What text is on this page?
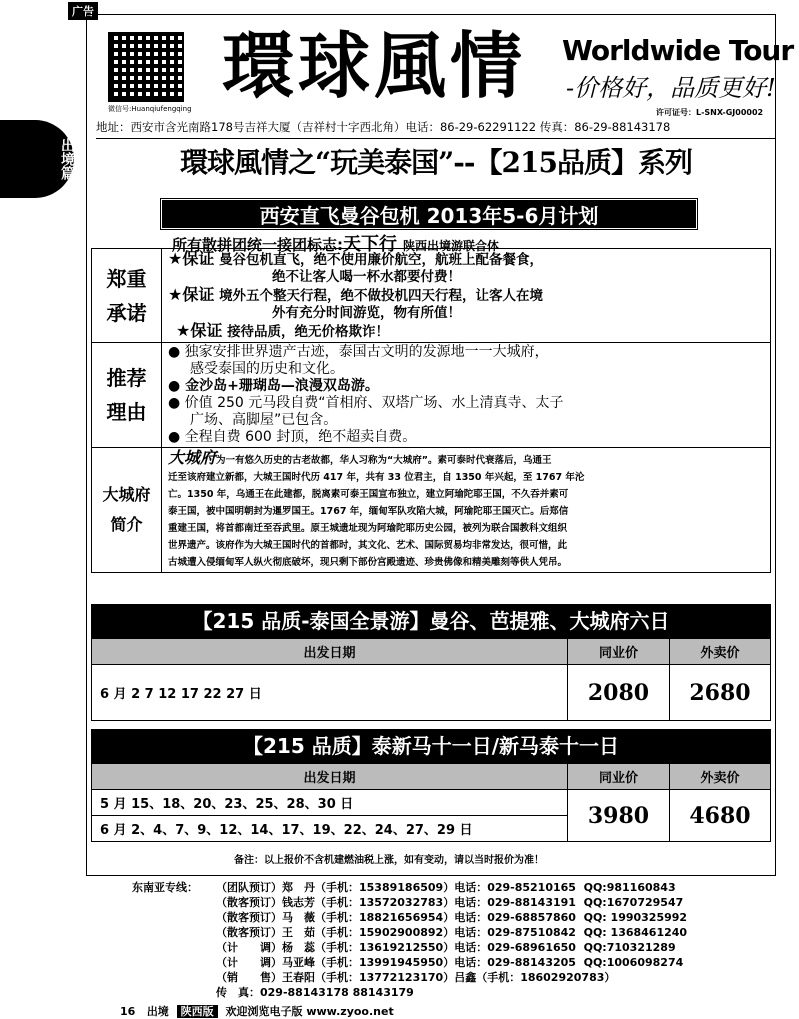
广告
出境篇
微信号:Huanqiufengqing
環球風情 Worldwide Tour
-价格好，品质更好!
许可证号：L-SNX-GJ00002
地址：西安市含光南路178号吉祥大厦（吉祥村十字西北角）电话：86-29-62291122 传真：86-29-88143178
環球風情之“玩美泰国”--【215品质】系列
西安直飞曼谷包机 2013年5-6月计划
所有散拼团统一接团标志:天下行 陕西出境游联合体
郑重
承诺
★保证 曼谷包机直飞，绝不使用廉价航空，航班上配备餐食，
绝不让客人喝一杯水都要付费！
★保证 境外五个整天行程，绝不做投机四天行程，让客人在境
外有充分时间游览，物有所值！
★保证 接待品质，绝无价格欺诈！
推荐
理由
● 独家安排世界遗产古迹，泰国古文明的发源地一一大城府，
感受泰国的历史和文化。
● 金沙岛+珊瑚岛—浪漫双岛游。
● 价值 250 元马段自费“首相府、双塔广场、水上清真寺、太子
广场、高脚屋”已包含。
● 全程自费 600 封顶，绝不超卖自费。
大城府
简介
大城府为一有悠久历史的古老故都，华人习称为“大城府”。素可泰时代衰落后，乌通王
迁至该府建立新都，大城王国时代历 417 年，共有 33 位君主，自 1350 年兴起，至 1767 年沦
亡。1350 年，乌通王在此建都，脱离素可泰王国宣布独立，建立阿瑜陀耶王国，不久吞并素可
泰王国，被中国明朝封为暹罗国王。1767 年，缅甸军队攻陷大城，阿瑜陀耶王国灭亡。后郑信
重建王国，将首都南迁至吞武里。原王城遗址现为阿瑜陀耶历史公园，被列为联合国教科文组织
世界遗产。该府作为大城王国时代的首都时，其文化、艺术、国际贸易均非常发达，很可惜，此
古城遭入侵缅甸军人纵火彻底破坏，现只剩下部份宫殿遗迹、珍贵佛像和精美雕刻等供人凭吊。
【215 品质-泰国全景游】曼谷、芭提雅、大城府六日
出发日期	同业价	外卖价
6 月 2 7 12 17 22 27 日	2080	2680
【215 品质】泰新马十一日/新马泰十一日
出发日期	同业价	外卖价
5 月 15、18、20、23、25、28、30 日	3980	4680
6 月 2、4、7、9、12、14、17、19、22、24、27、29 日		
备注：以上报价不含机建燃油税上涨，如有变动，请以当时报价为准！
东南亚专线： （团队预订）郑　丹（手机：15389186509）电话：029-85210165  QQ:981160843
（散客预订）钱志芳（手机：13572032783）电话：029-88143191  QQ:1670729547
（散客预订）马　薇（手机：18821656954）电话：029-68857860  QQ: 1990325992
（散客预订）王　茹（手机：15902900892）电话：029-87510842  QQ: 1368461240
（计　　调）杨　蕊（手机：13619212550）电话：029-68961650  QQ:710321289
（计　　调）马亚峰（手机：13991945950）电话：029-88143205  QQ:1006098274
（销　　售）王春阳（手机：13772123170）吕鑫（手机：18602920783）
传　真：029-88143178 88143179
16 出境 陕西版 欢迎浏览电子版 www.zyoo.net
